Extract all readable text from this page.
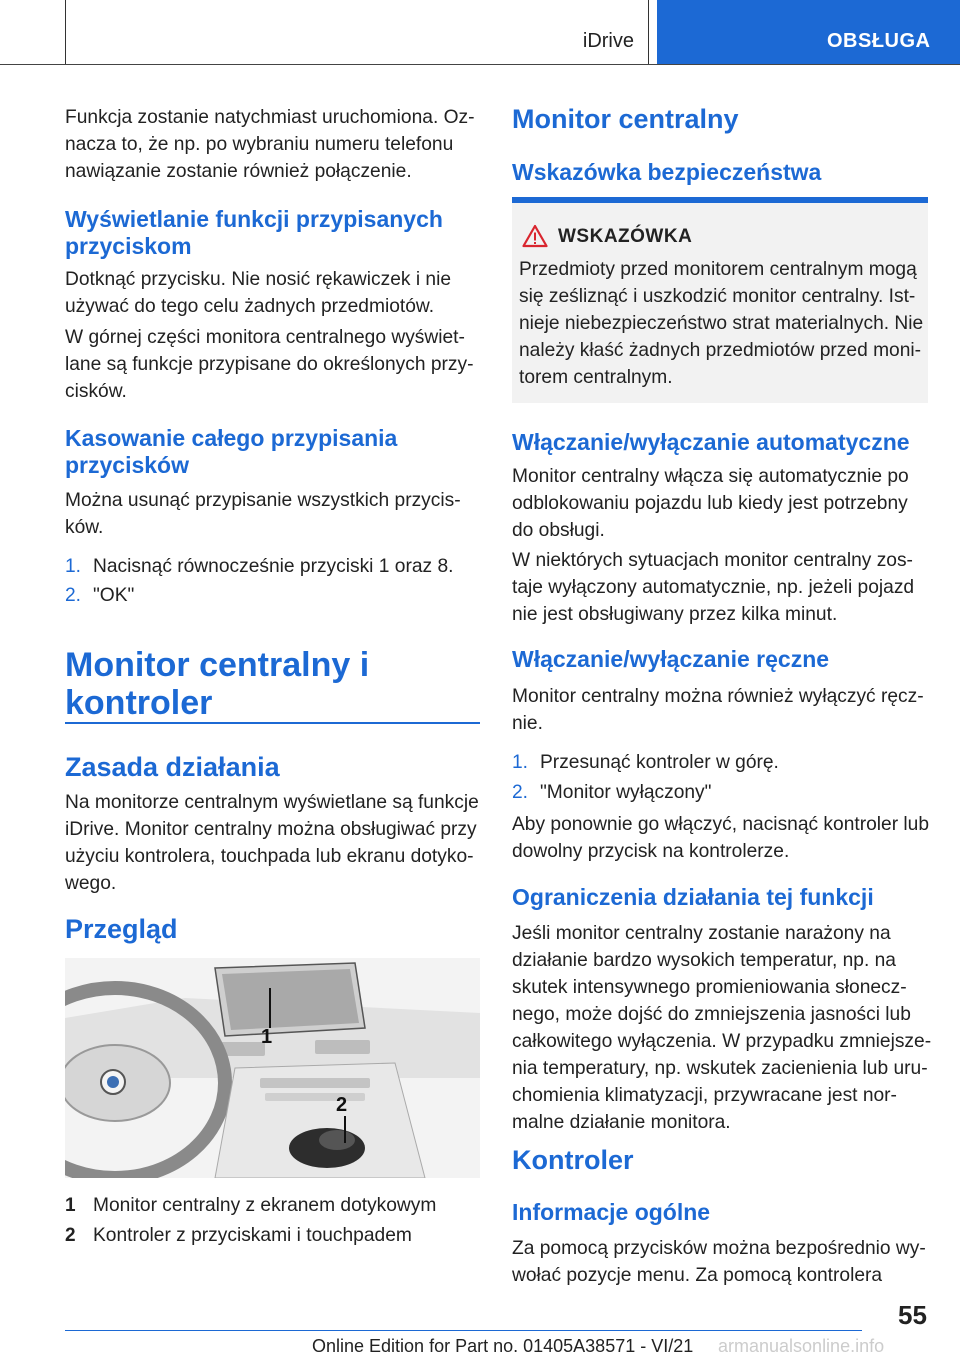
iDrive	OBSŁUGA
Funkcja zostanie natychmiast uruchomiona. Oz-
nacza to, że np. po wybraniu numeru telefonu
nawiązanie zostanie również połączenie.
Wyświetlanie funkcji przypisanych
przyciskom
Dotknąć przycisku. Nie nosić rękawiczek i nie
używać do tego celu żadnych przedmiotów.
W górnej części monitora centralnego wyświet-
lane są funkcje przypisane do określonych przy-
cisków.
Kasowanie całego przypisania
przycisków
Można usunąć przypisanie wszystkich przycis-
ków.
1. Nacisnąć równocześnie przyciski 1 oraz 8.
2. "OK"
Monitor centralny i
kontroler
Zasada działania
Na monitorze centralnym wyświetlane są funkcje
iDrive. Monitor centralny można obsługiwać przy
użyciu kontrolera, touchpada lub ekranu dotyko-
wego.
Przegląd
1
2
1 Monitor centralny z ekranem dotykowym
2 Kontroler z przyciskami i touchpadem
Monitor centralny
Wskazówka bezpieczeństwa
WSKAZÓWKA
Przedmioty przed monitorem centralnym mogą
się ześliznąć i uszkodzić monitor centralny. Ist-
nieje niebezpieczeństwo strat materialnych. Nie
należy kłaść żadnych przedmiotów przed moni-
torem centralnym.
Włączanie/wyłączanie automatyczne
Monitor centralny włącza się automatycznie po
odblokowaniu pojazdu lub kiedy jest potrzebny
do obsługi.
W niektórych sytuacjach monitor centralny zos-
taje wyłączony automatycznie, np. jeżeli pojazd
nie jest obsługiwany przez kilka minut.
Włączanie/wyłączanie ręczne
Monitor centralny można również wyłączyć ręcz-
nie.
1. Przesunąć kontroler w górę.
2. "Monitor wyłączony"
Aby ponownie go włączyć, nacisnąć kontroler lub
dowolny przycisk na kontrolerze.
Ograniczenia działania tej funkcji
Jeśli monitor centralny zostanie narażony na
działanie bardzo wysokich temperatur, np. na
skutek intensywnego promieniowania słonecz-
nego, może dojść do zmniejszenia jasności lub
całkowitego wyłączenia. W przypadku zmniejsze-
nia temperatury, np. wskutek zacienienia lub uru-
chomienia klimatyzacji, przywracane jest nor-
malne działanie monitora.
Kontroler
Informacje ogólne
Za pomocą przycisków można bezpośrednio wy-
wołać pozycje menu. Za pomocą kontrolera
55
Online Edition for Part no. 01405A38571 - VI/21 armanualsonline.info
